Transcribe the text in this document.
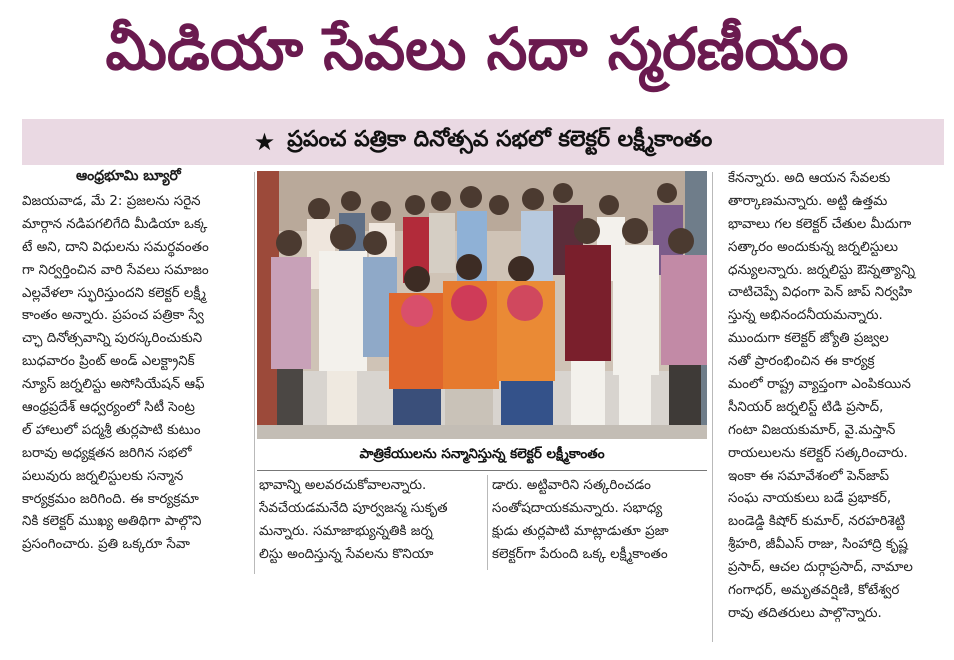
మీడియా సేవలు సదా స్మరణీయం
★ ప్రపంచ పత్రికా దినోత్సవ సభలో కలెక్టర్ లక్ష్మీకాంతం
ఆంధ్రభూమి బ్యూరో
విజయవాడ, మే 2: ప్రజలను సరైన
మార్గాన నడిపగలిగేది మీడియా ఒక్క
టే అని, దాని విధులను సమర్థవంతం
గా నిర్వర్తించిన వారి సేవలు సమాజం
ఎల్లవేళలా స్ఫురిస్తుందని కలెక్టర్ లక్ష్మీ
కాంతం అన్నారు. ప్రపంచ పత్రికా స్వే
చ్ఛా దినోత్సవాన్ని పురస్కరించుకుని
బుధవారం ప్రింట్ అండ్ ఎలక్ట్రానిక్
న్యూస్ జర్నలిస్టు అసోసియేషన్ ఆఫ్
ఆంధ్రప్రదేశ్ ఆధ్వర్యంలో సిటీ సెంట్ర
ల్ హాలులో పద్మశ్రీ తుర్లపాటి కుటుం
బరావు అధ్యక్షతన జరిగిన సభలో
పలువురు జర్నలిస్టులకు సన్మాన
కార్యక్రమం జరిగింది. ఈ కార్యక్రమా
నికి కలెక్టర్ ముఖ్య అతిథిగా పాల్గొని
ప్రసంగించారు. ప్రతి ఒక్కరూ సేవా
పాత్రికేయులను సన్మానిస్తున్న కలెక్టర్ లక్ష్మీకాంతం
భావాన్ని అలవరచుకోవాలన్నారు.
సేవచేయడమనేది పూర్వజన్మ సుకృత
మన్నారు. సమాజాభ్యున్నతికి జర్న
లిస్టు అందిస్తున్న సేవలను కొనియా
డారు. అట్టివారిని సత్కరించడం
సంతోషదాయకమన్నారు. సభాధ్య
క్షుడు తుర్లపాటి మాట్లాడుతూ ప్రజా
కలెక్టర్‌గా పేరుంది ఒక్క లక్ష్మీకాంతం
కేనన్నారు. అది ఆయన సేవలకు
తార్కాణమన్నారు. అట్టి ఉత్తమ
భావాలు గల కలెక్టర్ చేతుల మీదుగా
సత్కారం అందుకున్న జర్నలిస్టులు
ధన్యులన్నారు. జర్నలిస్టు ఔన్నత్యాన్ని
చాటిచెప్పే విధంగా పెన్ జాప్ నిర్వహి
స్తున్న అభినందనీయమన్నారు.
ముందుగా కలెక్టర్ జ్యోతి ప్రజ్వల
నతో ప్రారంభించిన ఈ కార్యక్ర
మంలో రాష్ట్ర వ్యాప్తంగా ఎంపికయిన
సీనియర్ జర్నలిస్ట్ టిడి ప్రసాద్,
గంటా విజయకుమార్, వై.మస్తాన్
రాయలులను కలెక్టర్ సత్కరించారు.
ఇంకా ఈ సమావేశంలో పెన్‌జాప్
సంఘ నాయకులు బడే ప్రభాకర్,
బండెడ్డి కిషోర్ కుమార్, నరహరిశెట్టి
శ్రీహరి, జీవీఎస్ రాజు, సింహాద్రి కృష్ణ
ప్రసాద్, ఆచల దుర్గాప్రసాద్, నామాల
గంగాధర్, అమృతవర్షిణి, కోటేశ్వర
రావు తదితరులు పాల్గొన్నారు.
